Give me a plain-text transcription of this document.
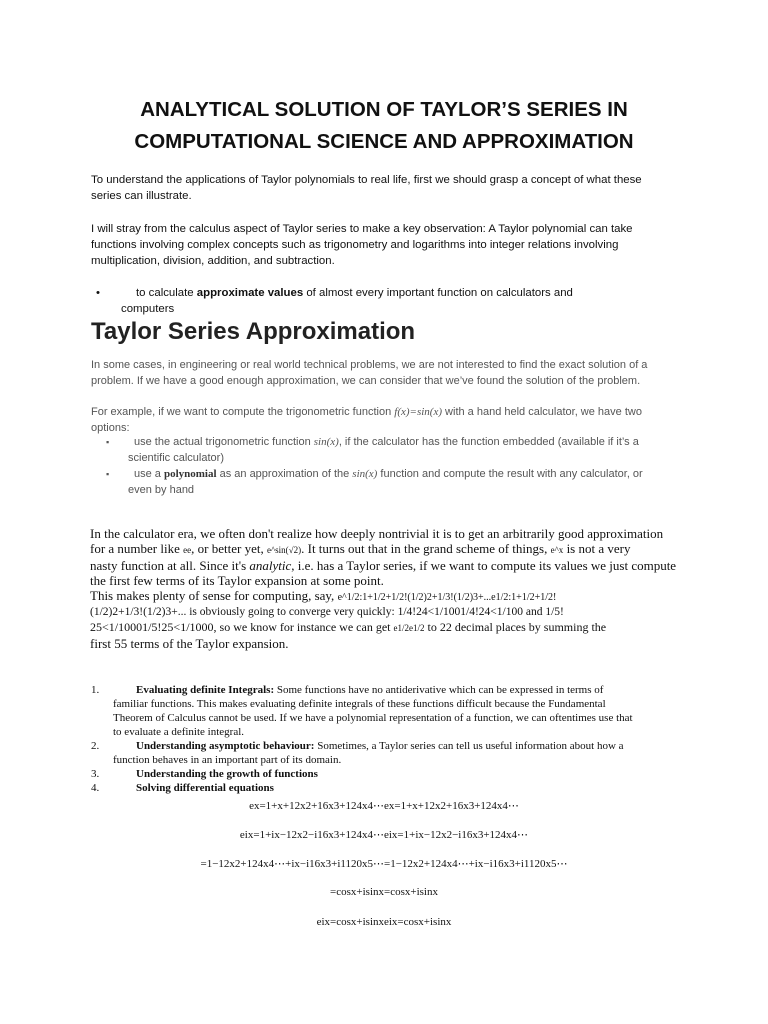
ANALYTICAL SOLUTION OF TAYLOR’S SERIES IN
COMPUTATIONAL SCIENCE AND APPROXIMATION
To understand the applications of Taylor polynomials to real life, first we should grasp a concept of what these
series can illustrate.
I will stray from the calculus aspect of Taylor series to make a key observation: A Taylor polynomial can take
functions involving complex concepts such as trigonometry and logarithms into integer relations involving
multiplication, division, addition, and subtraction.
•	to calculate approximate values of almost every important function on calculators and
computers
Taylor Series Approximation
In some cases, in engineering or real world technical problems, we are not interested to find the exact solution of a
problem. If we have a good enough approximation, we can consider that we’ve found the solution of the problem.
For example, if we want to compute the trigonometric function f(x)=sin(x) with a hand held calculator, we have two
options:
▪ use the actual trigonometric function sin(x), if the calculator has the function embedded (available if it’s a
scientific calculator)
▪ use a polynomial as an approximation of the sin(x) function and compute the result with any calculator, or
even by hand
In the calculator era, we often don't realize how deeply nontrivial it is to get an arbitrarily good approximation
for a number like ee, or better yet, e^sin(√2). It turns out that in the grand scheme of things, e^x is not a very
nasty function at all. Since it's analytic, i.e. has a Taylor series, if we want to compute its values we just compute
the first few terms of its Taylor expansion at some point.
This makes plenty of sense for computing, say, e^1/2:1+1/2+1/2!(1/2)2+1/3!(1/2)3+...e1/2:1+1/2+1/2!
(1/2)2+1/3!(1/2)3+... is obviously going to converge very quickly: 1/4!24<1/1001/4!24<1/100 and 1/5!
25<1/10001/5!25<1/1000, so we know for instance we can get e1/2e1/2 to 22 decimal places by summing the
first 55 terms of the Taylor expansion.
1.	Evaluating definite Integrals: Some functions have no antiderivative which can be expressed in terms of
familiar functions. This makes evaluating definite integrals of these functions difficult because the Fundamental
Theorem of Calculus cannot be used. If we have a polynomial representation of a function, we can oftentimes use that
to evaluate a definite integral.
2.	Understanding asymptotic behaviour: Sometimes, a Taylor series can tell us useful information about how a
function behaves in an important part of its domain.
3.	Understanding the growth of functions
4.	Solving differential equations
ex=1+x+12x2+16x3+124x4⋯ex=1+x+12x2+16x3+124x4⋯
eix=1+ix−12x2−i16x3+124x4⋯eix=1+ix−12x2−i16x3+124x4⋯
=1−12x2+124x4⋯+ix−i16x3+i1120x5⋯=1−12x2+124x4⋯+ix−i16x3+i1120x5⋯
=cosx+isinx=cosx+isinx
eix=cosx+isinxeix=cosx+isinx
